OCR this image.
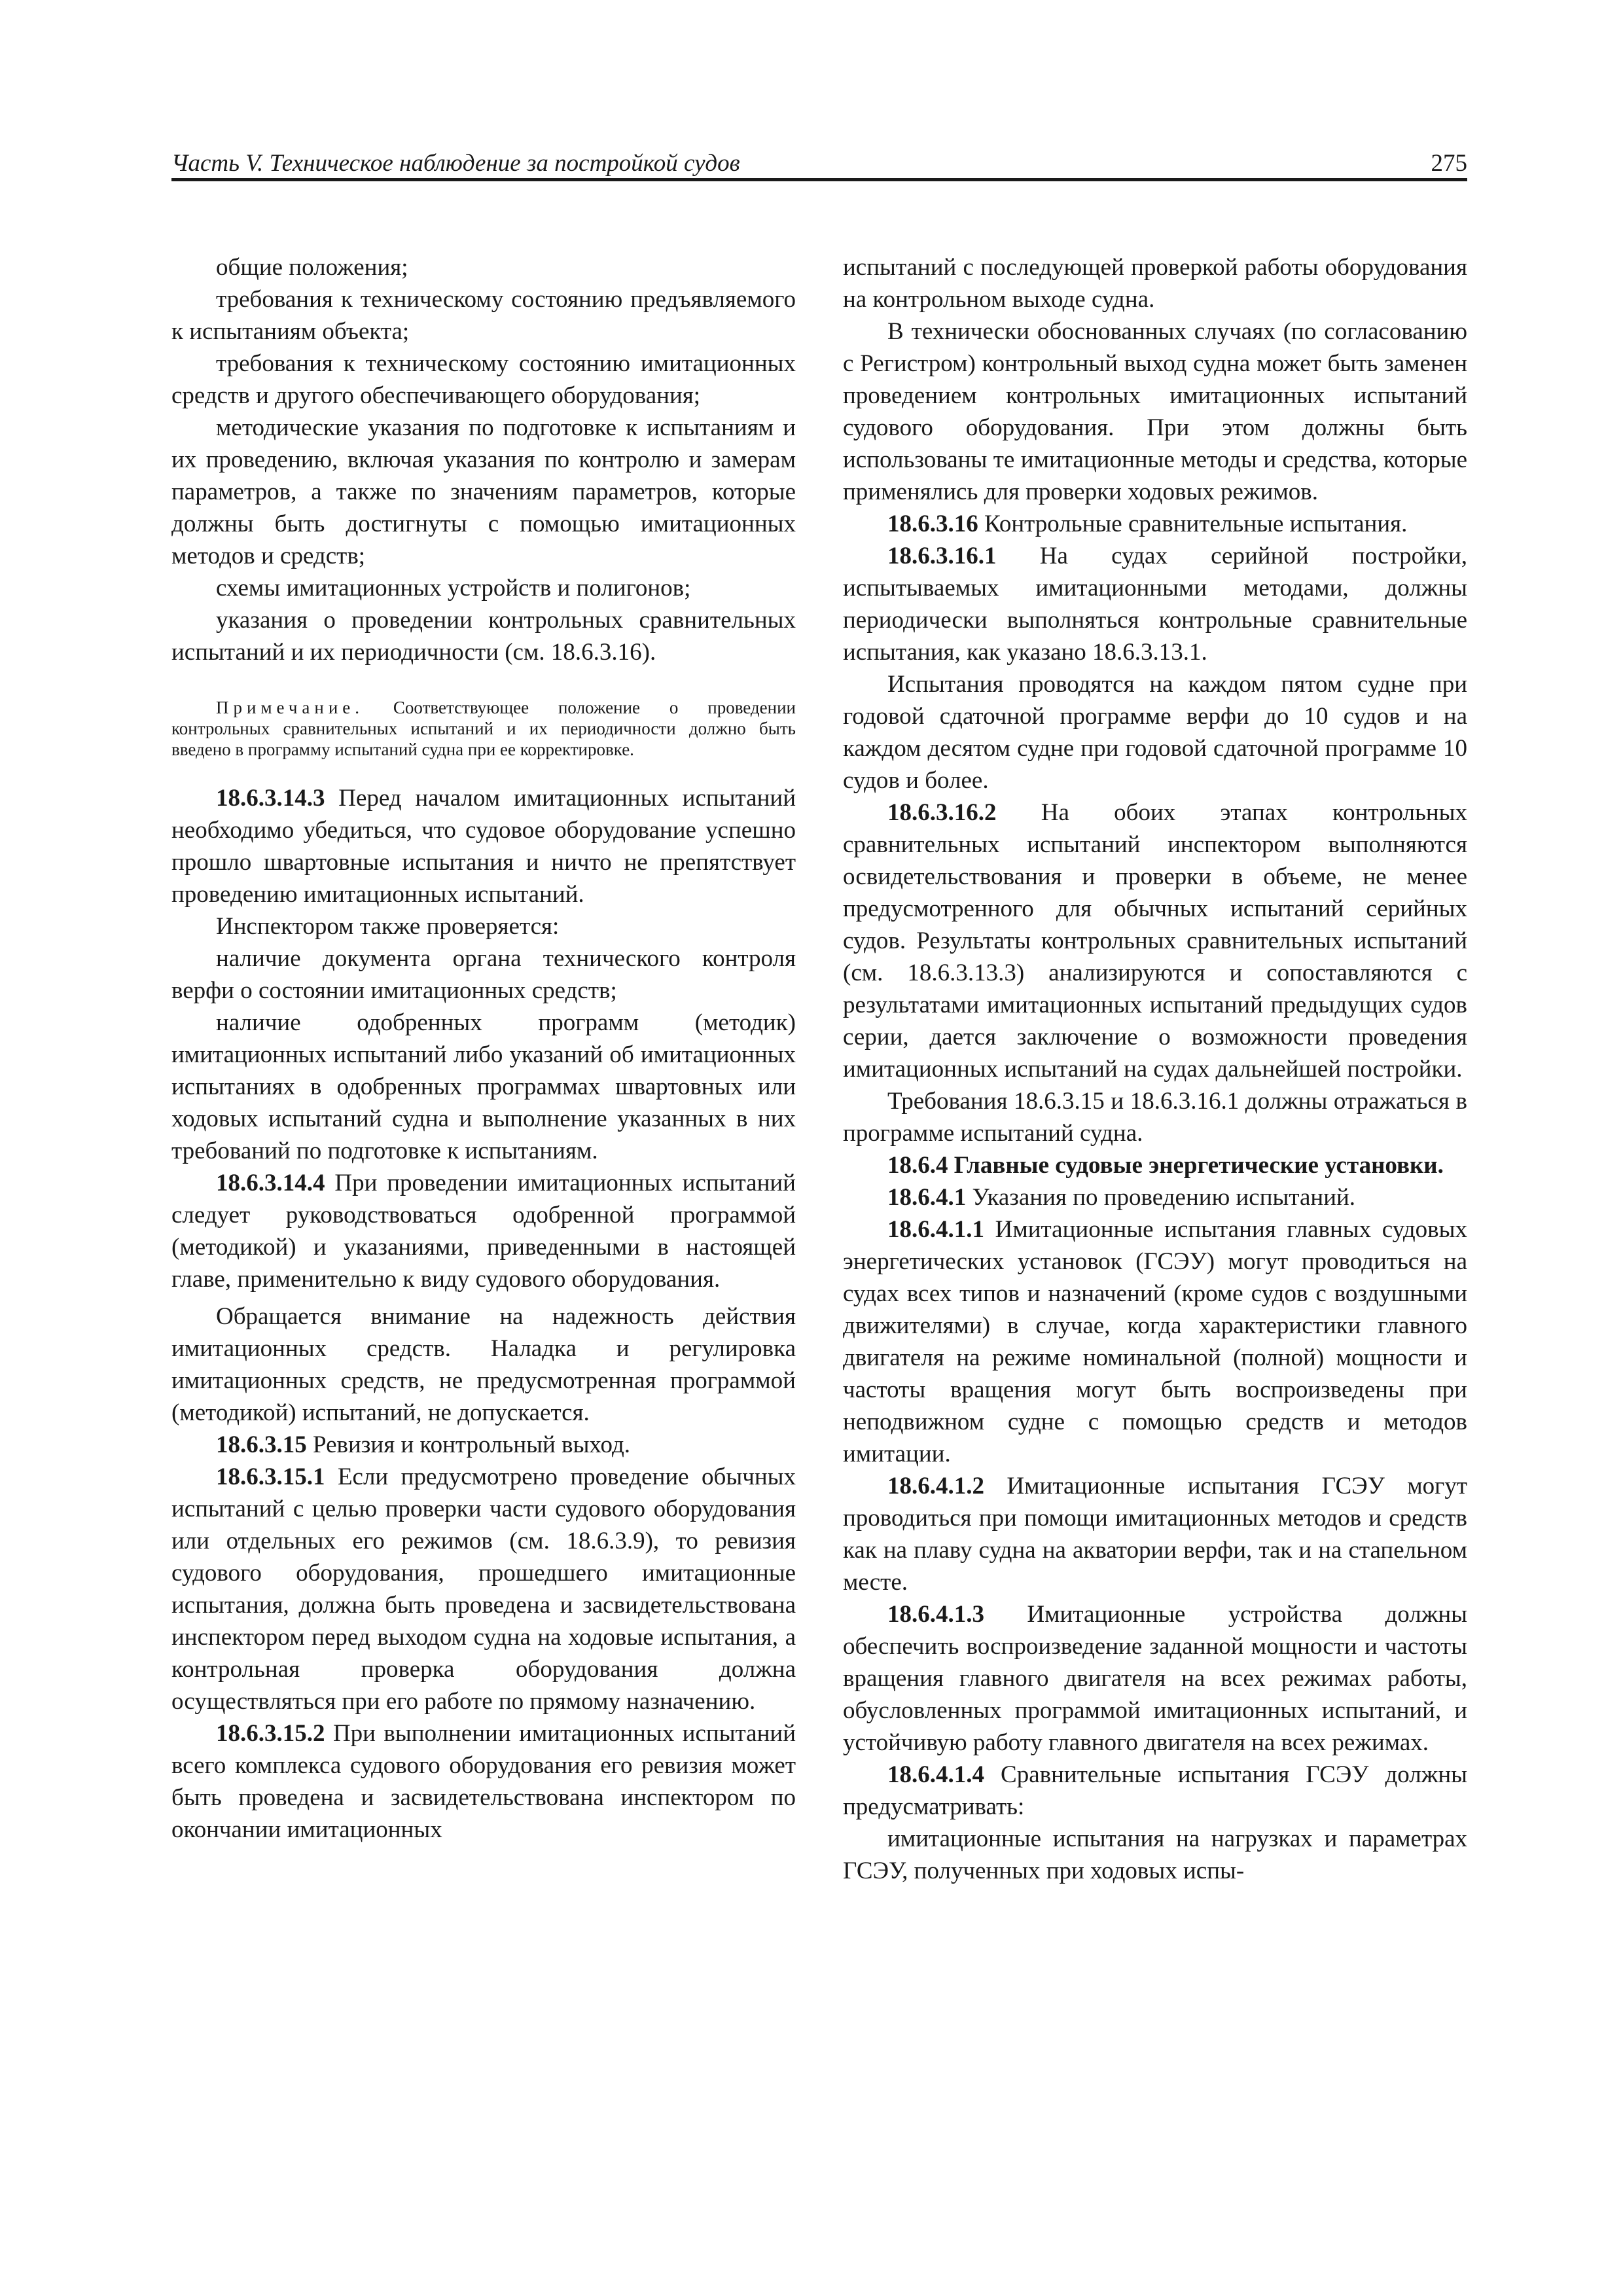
Часть V. Техническое наблюдение за постройкой судов	275

общие положения;

требования к техническому состоянию предъявляемого к испытаниям объекта;

требования к техническому состоянию имитационных средств и другого обеспечивающего оборудования;

методические указания по подготовке к испытаниям и их проведению, включая указания по контролю и замерам параметров, а также по значениям параметров, которые должны быть достигнуты с помощью имитационных методов и средств;

схемы имитационных устройств и полигонов;

указания о проведении контрольных сравнительных испытаний и их периодичности (см. 18.6.3.16).

Примечание. Соответствующее положение о проведении контрольных сравнительных испытаний и их периодичности должно быть введено в программу испытаний судна при ее корректировке.

18.6.3.14.3 Перед началом имитационных испытаний необходимо убедиться, что судовое оборудование успешно прошло швартовные испытания и ничто не препятствует проведению имитационных испытаний.

Инспектором также проверяется:

наличие документа органа технического контроля верфи о состоянии имитационных средств;

наличие одобренных программ (методик) имитационных испытаний либо указаний об имитационных испытаниях в одобренных программах швартовных или ходовых испытаний судна и выполнение указанных в них требований по подготовке к испытаниям.

18.6.3.14.4 При проведении имитационных испытаний следует руководствоваться одобренной программой (методикой) и указаниями, приведенными в настоящей главе, применительно к виду судового оборудования.

Обращается внимание на надежность действия имитационных средств. Наладка и регулировка имитационных средств, не предусмотренная программой (методикой) испытаний, не допускается.

18.6.3.15 Ревизия и контрольный выход.

18.6.3.15.1 Если предусмотрено проведение обычных испытаний с целью проверки части судового оборудования или отдельных его режимов (см. 18.6.3.9), то ревизия судового оборудования, прошедшего имитационные испытания, должна быть проведена и засвидетельствована инспектором перед выходом судна на ходовые испытания, а контрольная проверка оборудования должна осуществляться при его работе по прямому назначению.

18.6.3.15.2 При выполнении имитационных испытаний всего комплекса судового оборудования его ревизия может быть проведена и засвидетельствована инспектором по окончании имитационных

испытаний с последующей проверкой работы оборудования на контрольном выходе судна.

В технически обоснованных случаях (по согласованию с Регистром) контрольный выход судна может быть заменен проведением контрольных имитационных испытаний судового оборудования. При этом должны быть использованы те имитационные методы и средства, которые применялись для проверки ходовых режимов.

18.6.3.16 Контрольные сравнительные испытания.

18.6.3.16.1 На судах серийной постройки, испытываемых имитационными методами, должны периодически выполняться контрольные сравнительные испытания, как указано 18.6.3.13.1.

Испытания проводятся на каждом пятом судне при годовой сдаточной программе верфи до 10 судов и на каждом десятом судне при годовой сдаточной программе 10 судов и более.

18.6.3.16.2 На обоих этапах контрольных сравнительных испытаний инспектором выполняются освидетельствования и проверки в объеме, не менее предусмотренного для обычных испытаний серийных судов. Результаты контрольных сравнительных испытаний (см. 18.6.3.13.3) анализируются и сопоставляются с результатами имитационных испытаний предыдущих судов серии, дается заключение о возможности проведения имитационных испытаний на судах дальнейшей постройки.

Требования 18.6.3.15 и 18.6.3.16.1 должны отражаться в программе испытаний судна.

18.6.4 Главные судовые энергетические установки.

18.6.4.1 Указания по проведению испытаний.

18.6.4.1.1 Имитационные испытания главных судовых энергетических установок (ГСЭУ) могут проводиться на судах всех типов и назначений (кроме судов с воздушными движителями) в случае, когда характеристики главного двигателя на режиме номинальной (полной) мощности и частоты вращения могут быть воспроизведены при неподвижном судне с помощью средств и методов имитации.

18.6.4.1.2 Имитационные испытания ГСЭУ могут проводиться при помощи имитационных методов и средств как на плаву судна на акватории верфи, так и на стапельном месте.

18.6.4.1.3 Имитационные устройства должны обеспечить воспроизведение заданной мощности и частоты вращения главного двигателя на всех режимах работы, обусловленных программой имитационных испытаний, и устойчивую работу главного двигателя на всех режимах.

18.6.4.1.4 Сравнительные испытания ГСЭУ должны предусматривать:

имитационные испытания на нагрузках и параметрах ГСЭУ, полученных при ходовых испы-
